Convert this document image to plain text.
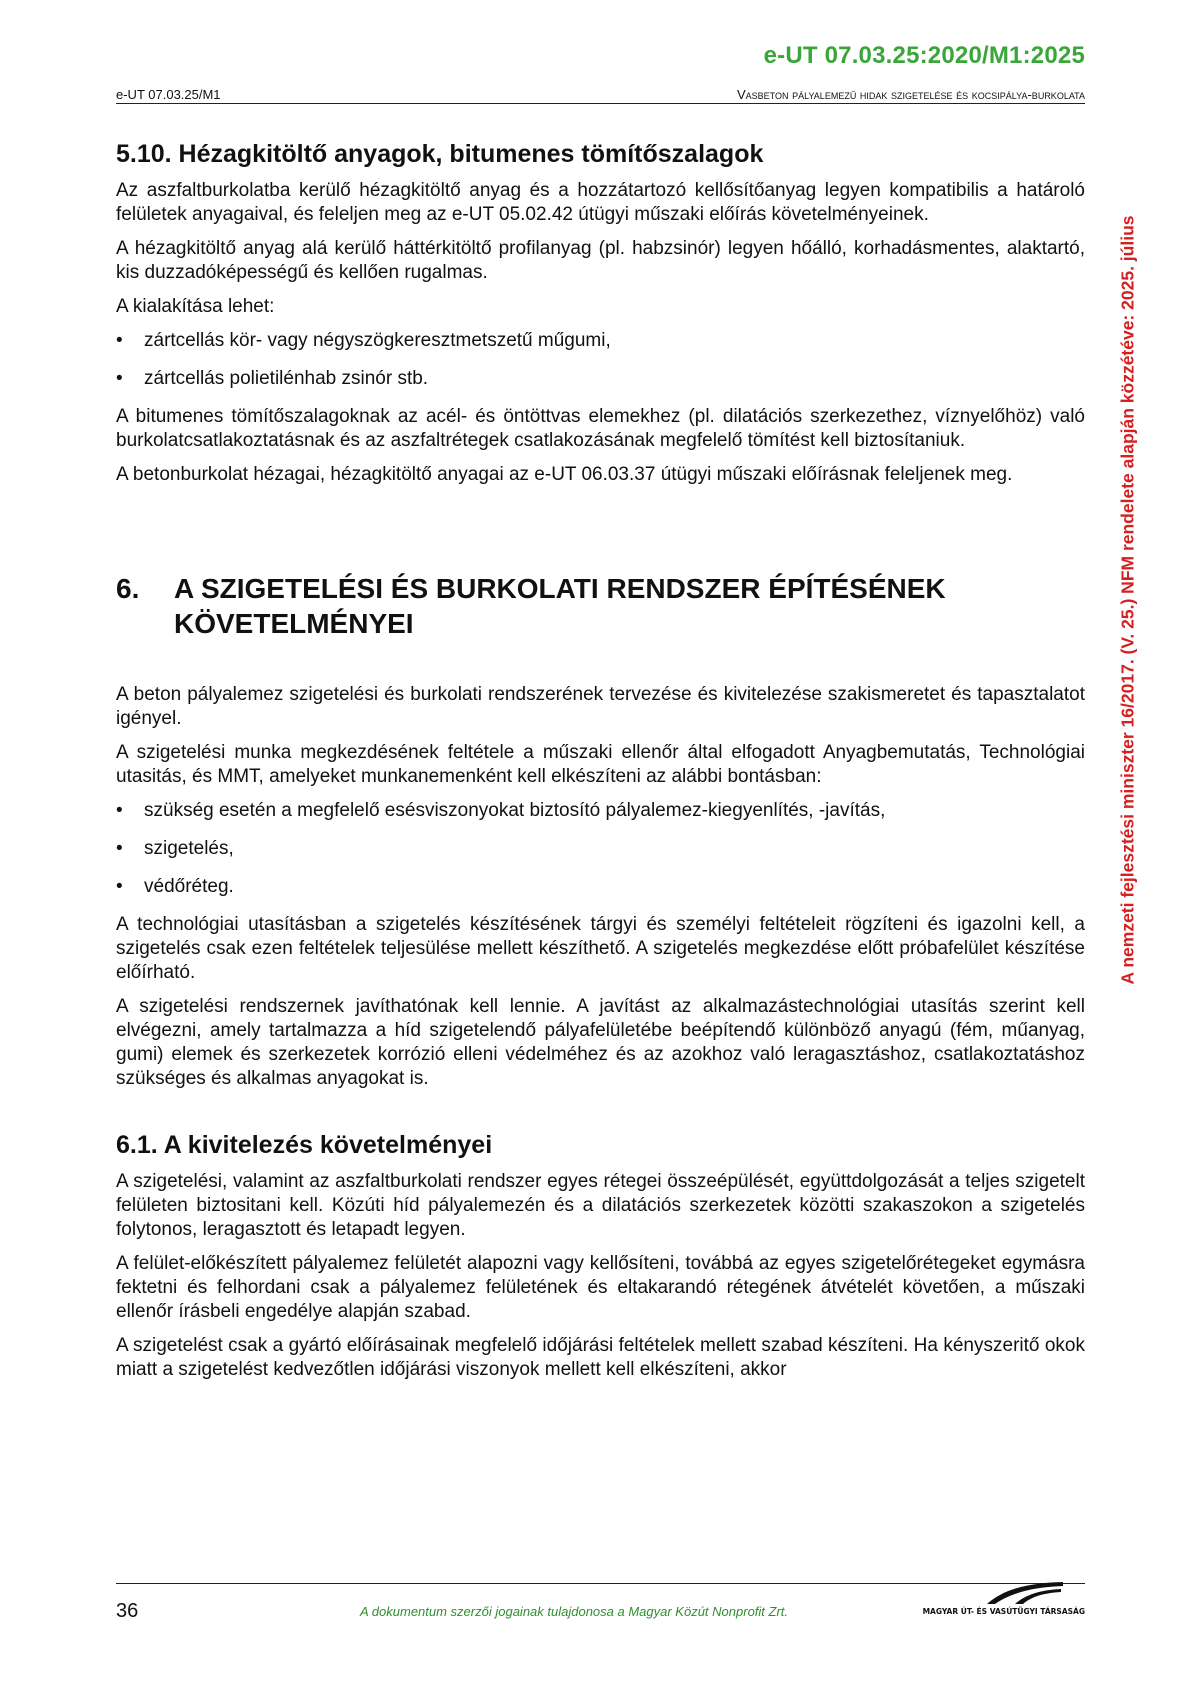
e-UT 07.03.25:2020/M1:2025
e-UT 07.03.25/M1	Vasbeton pályalemezű hidak szigetelése és kocsipálya-burkolata
A nemzeti fejlesztési miniszter 16/2017. (V. 25.) NFM rendelete alapján közzétéve: 2025. július
5.10. Hézagkitöltő anyagok, bitumenes tömítőszalagok

Az aszfaltburkolatba kerülő hézagkitöltő anyag és a hozzátartozó kellősítőanyag legyen kompatibilis a határoló felületek anyagaival, és feleljen meg az e-UT 05.02.42 útügyi műszaki előírás követelményeinek.

A hézagkitöltő anyag alá kerülő háttérkitöltő profilanyag (pl. habzsinór) legyen hőálló, korhadásmentes, alaktartó, kis duzzadóképességű és kellően rugalmas.

A kialakítása lehet:

• zártcellás kör- vagy négyszögkeresztmetszetű műgumi,
• zártcellás polietilénhab zsinór stb.

A bitumenes tömítőszalagoknak az acél- és öntöttvas elemekhez (pl. dilatációs szerkezethez, víznyelőhöz) való burkolatcsatlakoztatásnak és az aszfaltrétegek csatlakozásának megfelelő tömítést kell biztosítaniuk.

A betonburkolat hézagai, hézagkitöltő anyagai az e-UT 06.03.37 útügyi műszaki előírásnak feleljenek meg.

6.	A SZIGETELÉSI ÉS BURKOLATI RENDSZER ÉPÍTÉSÉNEK KÖVETELMÉNYEI

A beton pályalemez szigetelési és burkolati rendszerének tervezése és kivitelezése szakismeretet és tapasztalatot igényel.

A szigetelési munka megkezdésének feltétele a műszaki ellenőr által elfogadott Anyagbemutatás, Technológiai utasitás, és MMT, amelyeket munkanemenként kell elkészíteni az alábbi bontásban:

• szükség esetén a megfelelő esésviszonyokat biztosító pályalemez-kiegyenlítés, -javítás,
• szigetelés,
• védőréteg.

A technológiai utasításban a szigetelés készítésének tárgyi és személyi feltételeit rögzíteni és igazolni kell, a szigetelés csak ezen feltételek teljesülése mellett készíthető. A szigetelés megkezdése előtt próbafelület készítése előírható.

A szigetelési rendszernek javíthatónak kell lennie. A javítást az alkalmazástechnológiai utasítás szerint kell elvégezni, amely tartalmazza a híd szigetelendő pályafelületébe beépítendő különböző anyagú (fém, műanyag, gumi) elemek és szerkezetek korrózió elleni védelméhez és az azokhoz való leragasztáshoz, csatlakoztatáshoz szükséges és alkalmas anyagokat is.

6.1. A kivitelezés követelményei

A szigetelési, valamint az aszfaltburkolati rendszer egyes rétegei összeépülését, együttdolgozását a teljes szigetelt felületen biztositani kell. Közúti híd pályalemezén és a dilatációs szerkezetek közötti szakaszokon a szigetelés folytonos, leragasztott és letapadt legyen.

A felület-előkészített pályalemez felületét alapozni vagy kellősíteni, továbbá az egyes szigetelőrétegeket egymásra fektetni és felhordani csak a pályalemez felületének és eltakarandó rétegének átvételét követően, a műszaki ellenőr írásbeli engedélye alapján szabad.

A szigetelést csak a gyártó előírásainak megfelelő időjárási feltételek mellett szabad készíteni. Ha kényszeritő okok miatt a szigetelést kedvezőtlen időjárási viszonyok mellett kell elkészíteni, akkor

36	A dokumentum szerzői jogainak tulajdonosa a Magyar Közút Nonprofit Zrt.	MAGYAR ÚT- ÉS VASÚTÜGYI TÁRSASÁG
